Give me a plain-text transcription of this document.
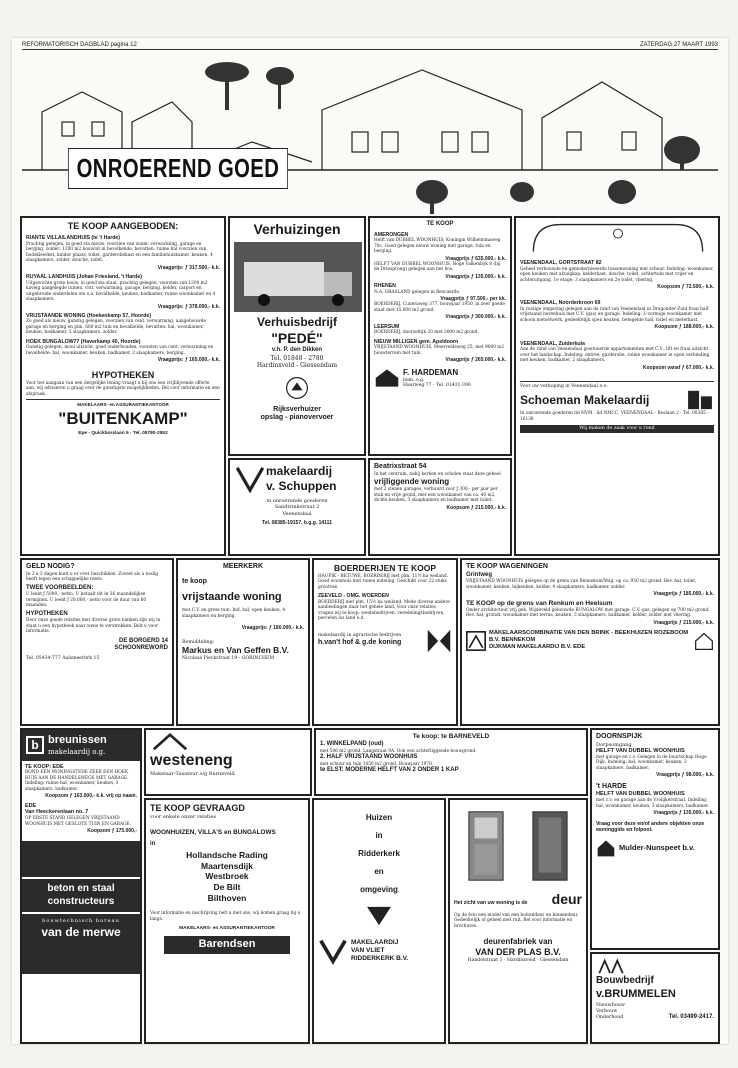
REFORMATORISCH DAGBLAD pagina 12	ZATERDAG 27 MAART 1993
ONROEREND GOED
TE KOOP AANGEBODEN:
RIANTE VILLA/LANDHUIS (te 't Harde)
Prachtig gelegen, in goed sta nieuw, voorzien van zonnt. verwarming, garage en berging, zolder: 1200 m2 bouwlot in bevolkende, bevatten: ruime hal voorzien van hodskleerket, kinder plaats, toilet, garderobekast en een familiehuiskamer, keuken, 4 slaapkamers, zolder, douche, toilet.
Vraagprijs: ƒ 317.500,- k.k.
RUYAAL LANDHUIS (Johan Friesland, 't Harde)
Uitgezochte grote bouw, in goed sta staat, prachtig gelegen, voorzien van 1200 m2 kavelg aangelegde tuinen, vrst. verwarming, garage, berging, kelder, carport en uitgebreide onderdelen om o.a. bevalbelde, keuken, badkamer, ruime woonkamer en 4 slaapkamers.
Vraagprijs: ƒ 378.000,- k.k.
VRIJSTAANDE WONING (Hoekenkamp 57, Hoorde)
Zo goed als nieuw, gunstig gelegen, voorzien van cent. verwarming, aangebouwde garage en berging en plm. 680 m2 tuin en bevalbelde, bevatten: hal, woonkamer, keuken, badkamer, 3 slaapkamers, zolder.
HOEK BUNGALOW77 (Haverkamp 40, Hoorde)
Gunstig gelegen, mooi uitzicht, goed onderhouden, voorzien van cent. verwarming en bevelbelde: hal, woonkamer, keuken, badkamer, 2 slaapkamers, berging.
Vraagprijs: ƒ 165.000,- k.k.
HYPOTHEKEN
Voor het aangaan van een dergelijke lening vraagt u bij ons een vrijblijvende offerte aan, wij adviseren u graag over de gunstigste mogelijkheden. Bel voor informatie en een afspraak.
MAKELAARS- en ASSURANTIEKANTOOR
"BUITENKAMP"
Epe - Quickborslaan 6 - Tel. 05780-2552
Verhuizingen
Verhuisbedrijf
"PEDÉ"
v.h. P. den Dikken
Tel. 01848 - 2780
Hardinxveld - Giessendam
Rijksverhuizer
opslag - pianovervoer
makelaardij
v. Schuppen
in onroerende goederen
Sandtrinkstraat 2
Veenendaal
Tel. 08385-19157, b.g.g. 14111
TE KOOP
AMERONGEN
Helft van DUBBEL WOONHUIS, Koningin Wilhelminaweg 70c. Goed gelegen nieuw woning met garage, tuin en berging.
Vraagprijs ƒ 635.000,- k.k.
HELFT VAN DUBBEL WOONHUIS, Hoge Valkenbyk 8 (bij de Driesprong) gelegen aan het bos.
Vraagprijs ƒ 135.000,- k.k.
RHENEN
N.A. GRASLAND gelegen in Rescaerde.
Vraagprijs ƒ 97.500,- per kk.
BOERDERIJ, Cuneraweg 377, bouwjaar 1950, in zeer goede staat met 15.000 m2 grond.
Vraagprijs ƒ 300.000,- k.k.
LEERSUM
BOERDERIJ, doorzeltijk 20 met 3000 m2 grond.
NIEUW MILLIGEN gem. Apeldoorn
VRIJSTAAND WOONHUIS, Meerveldsweg 25, met 9000 m2 bouwterrein met tuin.
Vraagprijs ƒ 265.000,- k.k.
F. HARDEMAN
bem. o.g.
Haarweg 77 - Tel. 03431-390
Beatrixstraat 54
In het centrum, nabij kerken en scholen staat deze geheel
vrijliggende woning
met 2 stenen garages, verhuurd voor ƒ 300,- per jaar per stuk en vrije grond, met een woonkamer van ca. 40 m2, dichte keuken, 3 slaapkamers en badkamer met toilet.
Koopsom ƒ 215.000,- k.k.
VEENENDAAL, GORTSTRAAT 82
Geheel verbouwde en gemoderniseerde tussenwoning met schuur. Indeling: woonkamer, open keuken met afzuigkap, kelderkast, douche, toilet, achtertuin met vrijer en achteruitgang. 1e etage: 3 slaapkamers en 2e toilet, vliering.
Koopsom ƒ 72.500,- k.k.
VEENENDAAL, Noorderkroon 69
In rustige omgeving gelegen aan de rand van Veenendaal in Dragonder-Zuid fraai half vrijstaand herenhuis met C.V. (gas) en garage. Indeling: L-vormige woonkamer met schoon metselwerk, gedeeltelijk open keuken, betegelde hall, toilet en meterkast.
Koopsom ƒ 188.000,- k.k.
VEENENDAAL, Zuiderkula
Aan de rand van Veenendaal gesitueerde appartementen met C.V., lift en fraai uitzicht over het landschap. Indeling: entree, garderobe, ruime woonkamer in open verbinding met keuken, badkamer, 2 slaapkamers.
Koopsom vanaf ƒ 67.000,- k.k.
Voor uw verkoping in Veenendaal e.o.
Schoeman Makelaardij
In onroerende goederen lid NVM - lid NMCC. VEENENDAAL - Boslaan 2 - Tel. 08385 - 16136
Wij maken de zaak voor u rond
GELD NODIG?
In 2 a 3 dagen kunt u er over beschikken. Zoveel als u nodig heeft tegen een schappelijke rente.
TWEE VOORBEELDEN:
U leent ƒ 5000,- netto, U betaalt dit in 36 maandelijkse termijnen. U leent ƒ 20.000,- netto voor de duur van 60 maanden.
HYPOTHEKEN
Door onze goede relaties met diverse grote banken zijn wij in staat u een hypotheek naar wens te verstrekken. Belt u voor informatie.
DE BORGERD 14
SCHOONREWORD
Tel. 05434-777 Aalsmeerbrk 15
MEERKERK
te koop
vrijstaande woning
met C.V. en grote tuin. Ind. hal, open keuken, 4 slaapkamers en berging.
Vraagprijs: ƒ 180.000,- k.k.
Bemiddeling:
Markus en Van Geffen B.V.
Nicolaas Pieckstraat 19 - GORINCHEM
BOERDERIJEN TE KOOP
HAUPIK - BETUWE. BOERDERIJ met plm. 11½ ha weiland. Goed woonhuis met ruime indeling. Geschikt voor 22 stuks grootvee.
ZEEVELD - OMG. WOERDEN
BOERDERIJ met plm. 15½ ha weiland. Mede diverse andere aanbiedingen daar het gehele land. Voor onze relaties vragen wij te koop: weidebedrijven, veredelingsbedrijven, percelen los land e.d.
makelaardij in agrarische bedrijven
h.van't hof & g.de koning
TE KOOP WAGENINGEN
Grintweg
VRIJSTAAND WOONHUIS gelegen op de grens van Bennekom/Wag. op ca. 950 m2 grond. Bev. hal, toilet, woonkamer, keuken, bijkeuken, kelder, 4 slaapkamers, badkamer, zolder.
Vraagprijs ƒ 185.000,- k.k.
TE KOOP op de grens van Renkum en Heelsum
Onder architectuur vrij geb. Wijdeveld gebouwde BUNGALOW met garage, C.V.-gas, gelegen op 700 m2 grond. Bev. hal, grondr. woonkamer met terras, keuken, 3 slaapkamers, badkamer, kelder, zolder met vliering.
Vraagprijs ƒ 215.000,- k.k.
MAKELAARSCOMBINATIE VAN DEN BRINK - BEEKHUIZEN ROZEBOOM B.V. BENNEKOM
DIJKMAN MAKELAARDIJ B.V. EDE
b breunissen
makelaardij o.g.
TE KOOP: EDE
ROND EEN WONINGSTEDE ZEER EEN HOEK HUIS AAN DE HANDELSWEGS MET GARAGE. Indeling: ruime hal, woonkamer, keuken, 3 slaapkamers, badkamer.
Koopsom ƒ 163.000,- k.k. vrij op naam.
EDE
Van Heeckerenlaan no. 7
OP ERSTE STAND GELEGEN VRIJSTAAND WOONHUIS MET GESLOTE TUIN EN GARAGE.
Koopsom ƒ 175.000,-
beton en staal
constructeurs
bouwtechnisch bureau
van de merwe
westeneng
Makelaar-Taxateur o/g Barneveld
Te koop: te BARNEVELD
1. WINKELPAND (oud)
met 506 m2 grond. Langstraat 9A. Ook een achterliggende bouwgrond.
2. HALF VRIJSTAAND WOONHUIS
met schuur en tuin 1050 m2 grond. Bouwjaar 1978.
te ELST: MODERNE HELFT VAN 2 ONDER 1 KAP
DOORNSPIJK
Dorpsomgang
HELFT VAN DUBBEL WOONHUIS
met garage en c.v. Gelegen in de buurtschap Hoge Dijk. Indeling: hal, woonkamer, keuken, 3 slaapkamers, badkamer.
Vraagprijs ƒ 98.000,- k.k.
't HARDE
HELFT VAN DUBBEL WOONHUIS
met c.v. en garage aan de Vrolijkerstraat. Indeling: hal, woonkamer, keuken, 3 slaapkamers, badkamer.
Vraagprijs ƒ 135.000,- k.k.
Vraag voor deze en/of andere objekten onze woninggids en folpoot.
Mulder-Nunspeet b.v.
TE KOOP GEVRAAGD
voor enkele onzer relaties
WOONHUIZEN, VILLA'S en BUNGALOWS
in
Hollandsche Rading
Maartensdijk
Westbroek
De Bilt
Bilthoven
Voor informatie en inschrijving belt u met ons, wij komen graag bij u langs.
MAKELAARS- en ASSURANTIEKANTOOR
Barendsen
Huizen
in
Ridderkerk
en
omgeving
MAKELAARDIJ
VAN VLIET
RIDDERKERK B.V.
Het zicht van uw woning is de	deur
Op de foto een model van een buitendeur en binnendeur. Gedeeltelijk of geheel met ruit. Bel voor informatie en brochures.
deurenfabriek van
VAN DER PLAS B.V.
Handelstraat 1 - Hardinxveld - Giessendam
Bouwbedrijf
v.BRUMMELEN
Nieuwbouw
Verbouw
Onderhoud	Tel. 03499-2417.
